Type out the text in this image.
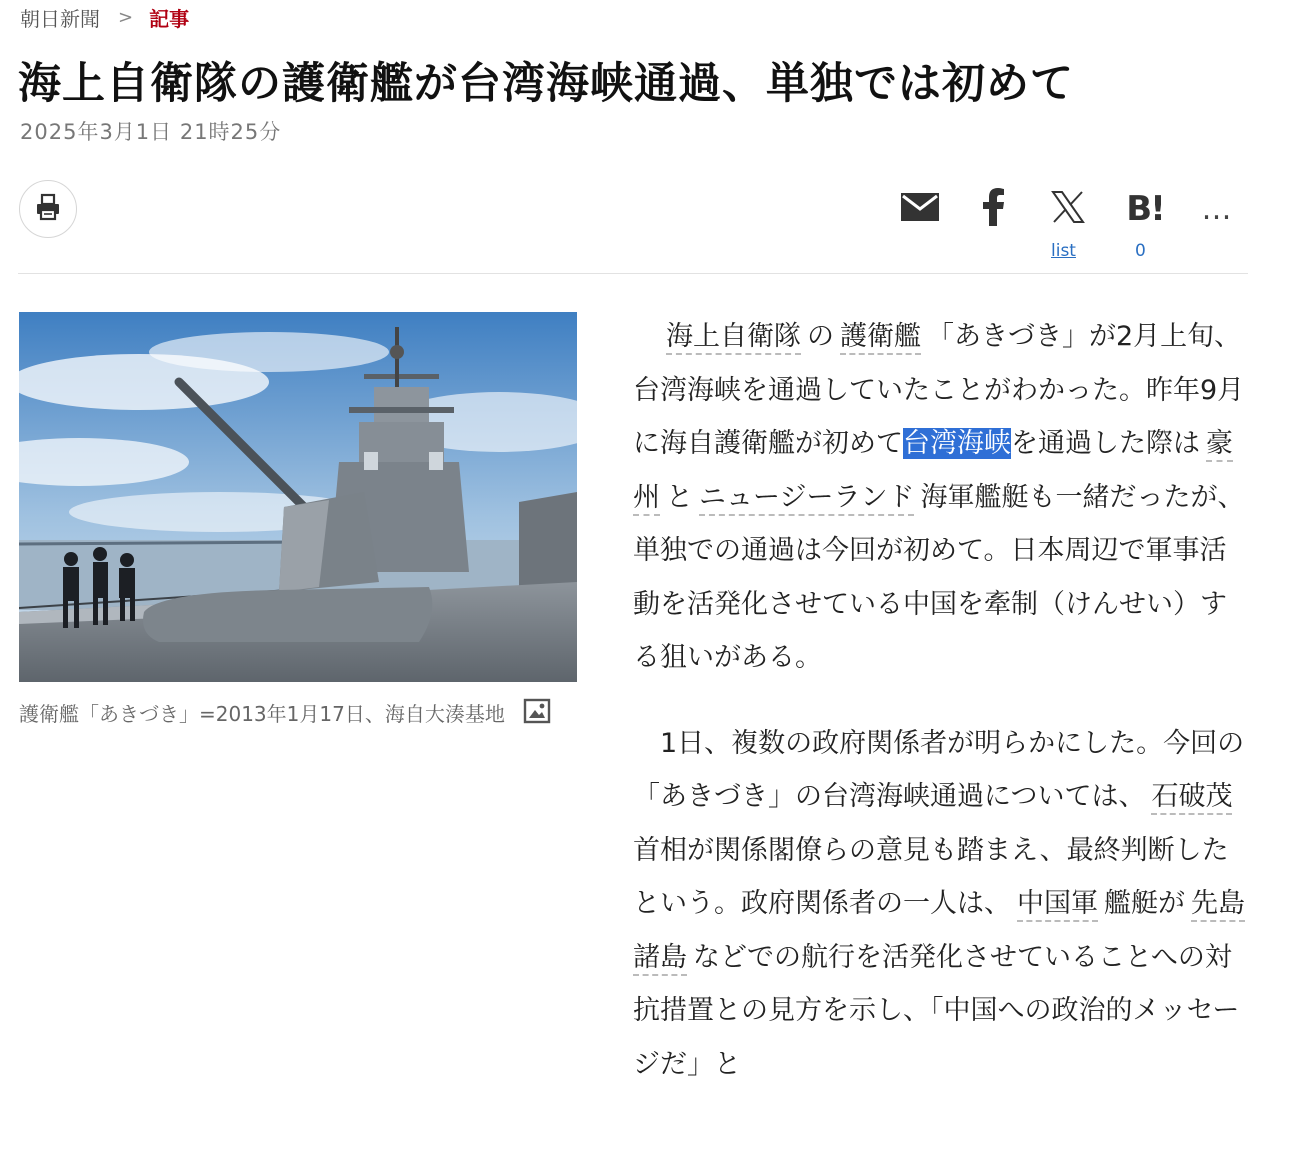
朝日新聞 > 記事
海上自衛隊の護衛艦が台湾海峡通過、単独では初めて
2025年3月1日 21時25分
list
B!
0
…
護衛艦「あきづき」=2013年1月17日、海自大湊基地

　海上自衛隊 の 護衛艦 「あきづき」が2月上旬、台湾海峡を通過していたことがわかった。昨年9月に海自護衛艦が初めて台湾海峡を通過した際は 豪州 と ニュージーランド 海軍艦艇も一緒だったが、単独での通過は今回が初めて。日本周辺で軍事活動を活発化させている中国を牽制（けんせい）する狙いがある。

　1日、複数の政府関係者が明らかにした。今回の「あきづき」の台湾海峡通過については、 石破茂首相が関係閣僚らの意見も踏まえ、最終判断したという。政府関係者の一人は、 中国軍 艦艇が 先島諸島 などでの航行を活発化させていることへの対抗措置との見方を示し、「中国への政治的メッセージだ」と
